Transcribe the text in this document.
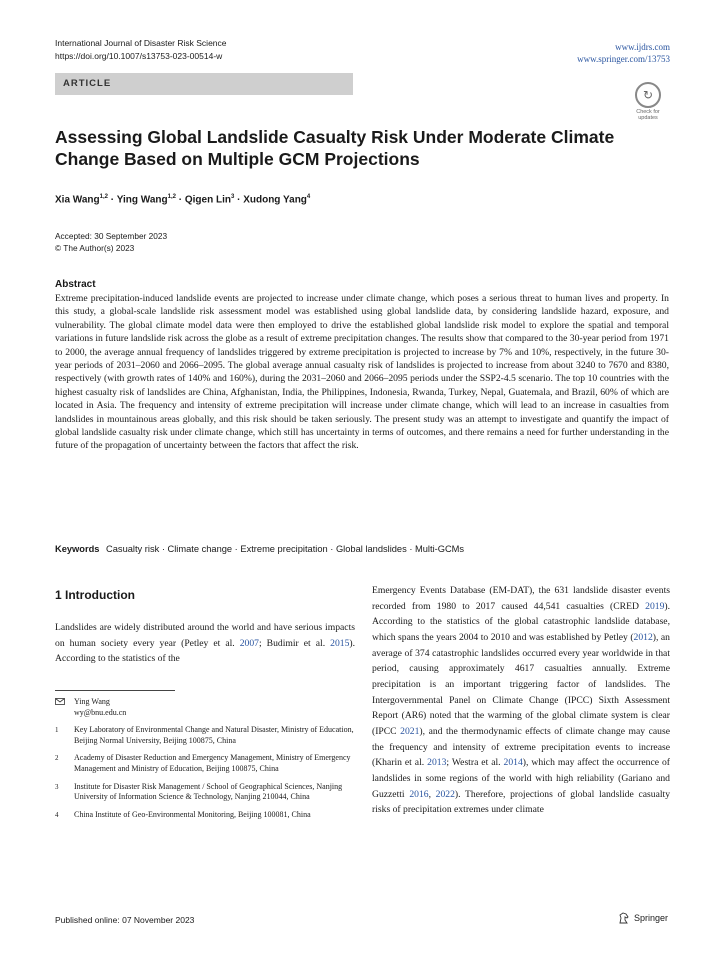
International Journal of Disaster Risk Science
https://doi.org/10.1007/s13753-023-00514-w
www.ijdrs.com
www.springer.com/13753
ARTICLE
↻
Check for updates
Assessing Global Landslide Casualty Risk Under Moderate Climate Change Based on Multiple GCM Projections
Xia Wang$^{1,2}$ · Ying Wang$^{1,2}$ · Qigen Lin$^3$ · Xudong Yang$^4$
Accepted: 30 September 2023
© The Author(s) 2023
Abstract

Extreme precipitation-induced landslide events are projected to increase under climate change, which poses a serious threat to human lives and property. In this study, a global-scale landslide risk assessment model was established using global landslide data, by considering landslide hazard, exposure, and vulnerability. The global climate model data were then employed to drive the established global landslide risk model to explore the spatial and temporal variations in future landslide risk across the globe as a result of extreme precipitation changes. The results show that compared to the 30-year period from 1971 to 2000, the average annual frequency of landslides triggered by extreme precipitation is projected to increase by 7% and 10%, respectively, in the future 30-year periods of 2031–2060 and 2066–2095. The global average annual casualty risk of landslides is projected to increase from about 3240 to 7670 and 8380, respectively (with growth rates of 140% and 160%), during the 2031–2060 and 2066–2095 periods under the SSP2-4.5 scenario. The top 10 countries with the highest casualty risk of landslides are China, Afghanistan, India, the Philippines, Indonesia, Rwanda, Turkey, Nepal, Guatemala, and Brazil, 60% of which are located in Asia. The frequency and intensity of extreme precipitation will increase under climate change, which will lead to an increase in casualties from landslides in mountainous areas globally, and this risk should be taken seriously. The present study was an attempt to investigate and quantify the impact of global landslide casualty risk under climate change, which still has uncertainty in terms of outcomes, and there remains a need for further understanding in the future of the propagation of uncertainty between the factors that affect the risk.

Keywords Casualty risk · Climate change · Extreme precipitation · Global landslides · Multi-GCMs
1 Introduction

Landslides are widely distributed around the world and have serious impacts on human society every year (Petley et al. 2007; Budimir et al. 2015). According to the statistics of the

Emergency Events Database (EM-DAT), the 631 landslide disaster events recorded from 1980 to 2017 caused 44,541 casualties (CRED 2019). According to the statistics of the global catastrophic landslide database, which spans the years 2004 to 2010 and was established by Petley (2012), an average of 374 catastrophic landslides occurred every year worldwide in that period, causing approximately 4617 casualties annually. Extreme precipitation is an important triggering factor of landslides. The Intergovernmental Panel on Climate Change (IPCC) Sixth Assessment Report (AR6) noted that the warming of the global climate system is clear (IPCC 2021), and the thermodynamic effects of climate change may cause the frequency and intensity of extreme precipitation events to increase (Kharin et al. 2013; Westra et al. 2014), which may affect the occurrence of landslides in some regions of the world with high reliability (Gariano and Guzzetti 2016, 2022). Therefore, projections of global landslide casualty risks of precipitation extremes under climate

Ying Wang
wy@bnu.edu.cn
1 Key Laboratory of Environmental Change and Natural Disaster, Ministry of Education, Beijing Normal University, Beijing 100875, China
2 Academy of Disaster Reduction and Emergency Management, Ministry of Emergency Management and Ministry of Education, Beijing 100875, China
3 Institute for Disaster Risk Management / School of Geographical Sciences, Nanjing University of Information Science & Technology, Nanjing 210044, China
4 China Institute of Geo-Environmental Monitoring, Beijing 100081, China
Published online: 07 November 2023	Springer
